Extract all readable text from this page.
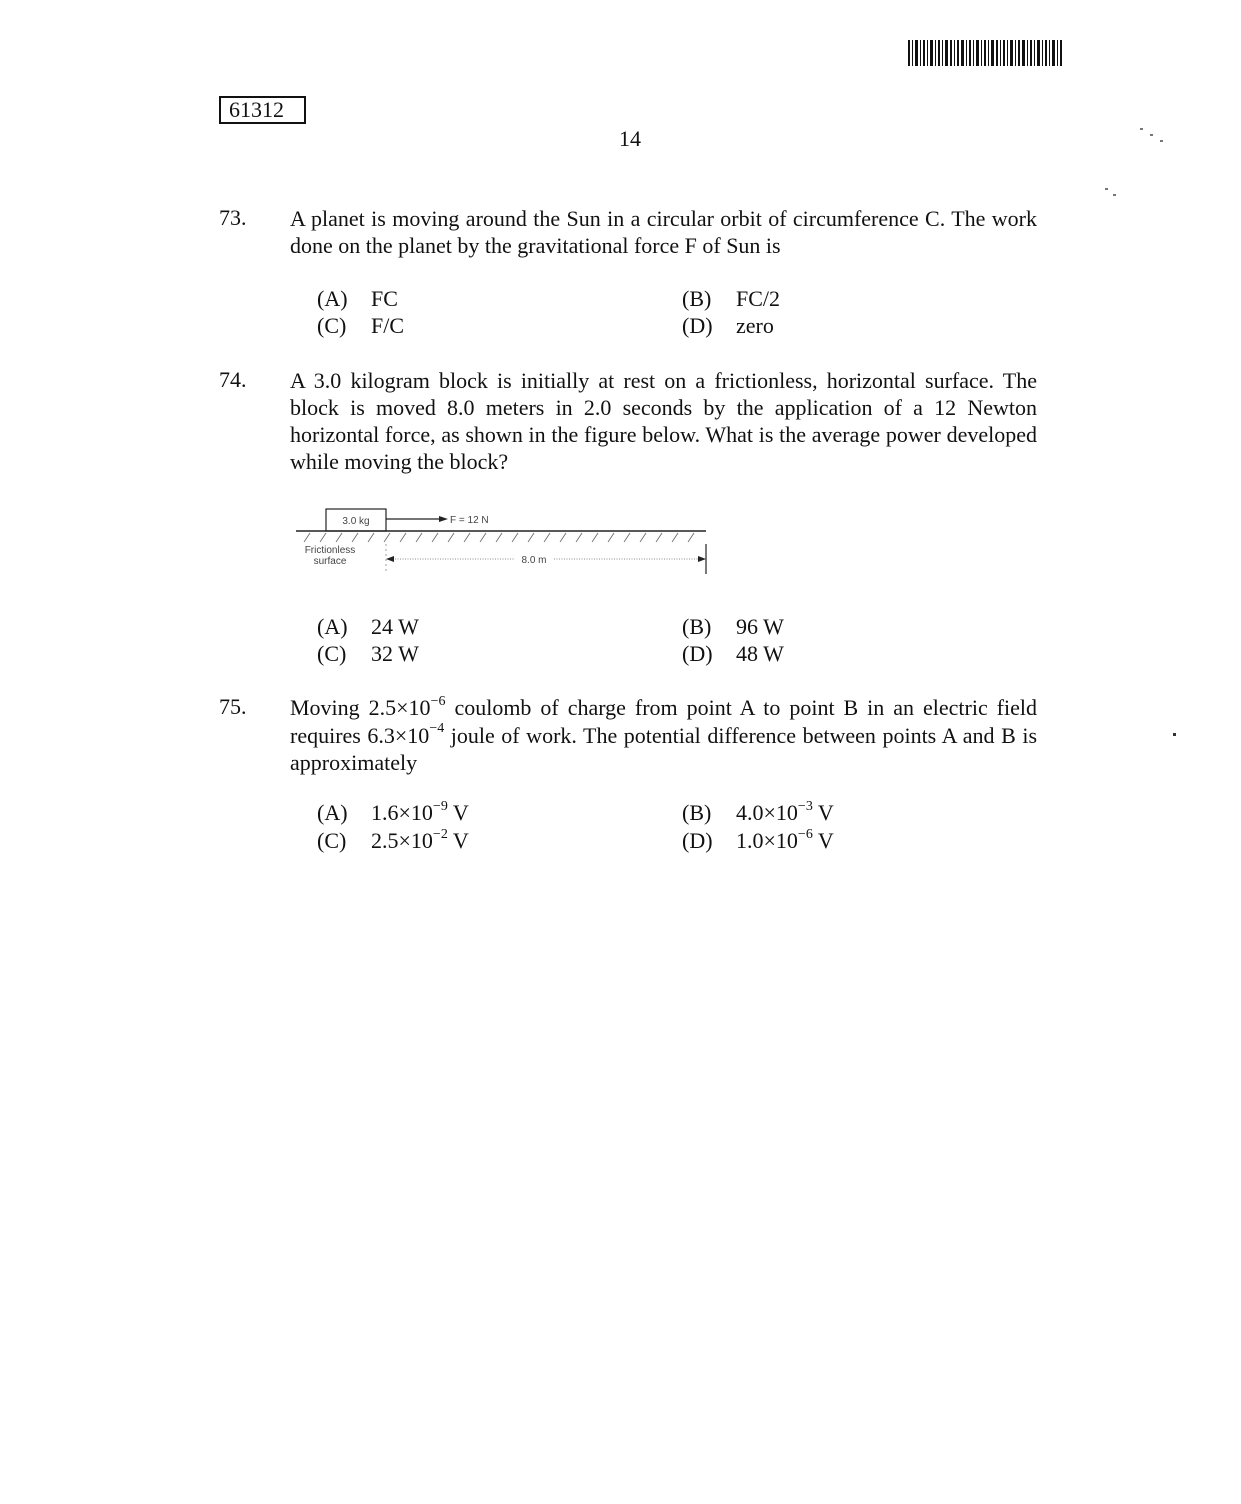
61312
14
73. A planet is moving around the Sun in a circular orbit of circumference C. The work done on the planet by the gravitational force F of Sun is
(A) FC	(B) FC/2
(C) F/C	(D) zero
74. A 3.0 kilogram block is initially at rest on a frictionless, horizontal surface. The block is moved 8.0 meters in 2.0 seconds by the application of a 12 Newton horizontal force, as shown in the figure below. What is the average power developed while moving the block?
3.0 kg	F = 12 N
Frictionless
surface	8.0 m
(A) 24 W	(B) 96 W
(C) 32 W	(D) 48 W
75. Moving $2.5\times 10^{-6}$ coulomb of charge from point A to point B in an electric field requires $6.3\times 10^{-4}$ joule of work. The potential difference between points A and B is approximately
(A) $1.6\times 10^{-9}$ V	(B) $4.0\times 10^{-3}$ V
(C) $2.5\times 10^{-2}$ V	(D) $1.0\times 10^{-6}$ V
